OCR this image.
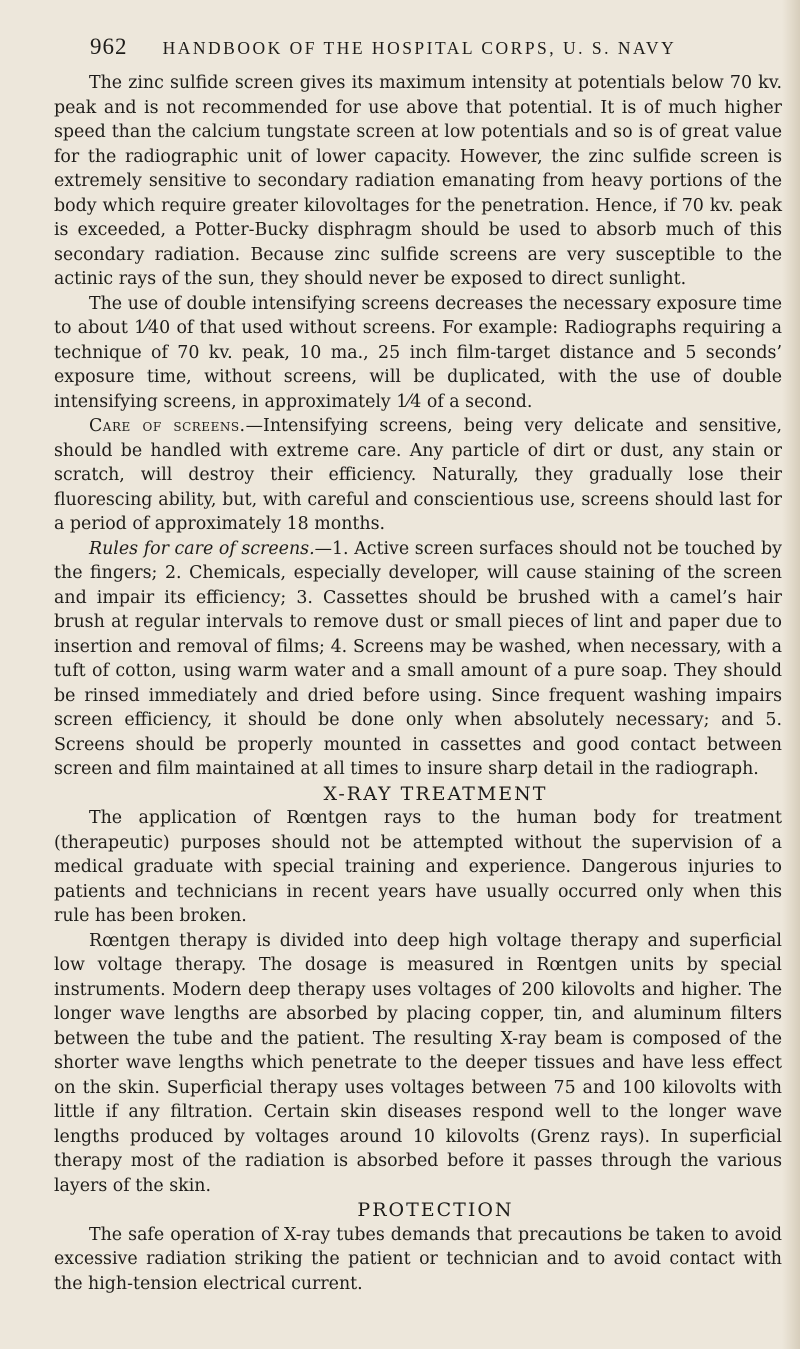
962 HANDBOOK OF THE HOSPITAL CORPS, U. S. NAVY

The zinc sulfide screen gives its maximum intensity at potentials below 70 kv. peak and is not recommended for use above that potential. It is of much higher speed than the calcium tungstate screen at low potentials and so is of great value for the radiographic unit of lower capacity. However, the zinc sulfide screen is extremely sensitive to secondary radiation emanating from heavy portions of the body which require greater kilovoltages for the penetration. Hence, if 70 kv. peak is exceeded, a Potter-Bucky disphragm should be used to absorb much of this secondary radiation. Because zinc sulfide screens are very susceptible to the actinic rays of the sun, they should never be exposed to direct sunlight.

The use of double intensifying screens decreases the necessary exposure time to about 1⁄40 of that used without screens. For example: Radiographs requiring a technique of 70 kv. peak, 10 ma., 25 inch film-target distance and 5 seconds’ exposure time, without screens, will be duplicated, with the use of double intensifying screens, in approximately 1⁄4 of a second.

Care of screens.—Intensifying screens, being very delicate and sensitive, should be handled with extreme care. Any particle of dirt or dust, any stain or scratch, will destroy their efficiency. Naturally, they gradually lose their fluorescing ability, but, with careful and conscientious use, screens should last for a period of approximately 18 months.

Rules for care of screens.—1. Active screen surfaces should not be touched by the fingers; 2. Chemicals, especially developer, will cause staining of the screen and impair its efficiency; 3. Cassettes should be brushed with a camel’s hair brush at regular intervals to remove dust or small pieces of lint and paper due to insertion and removal of films; 4. Screens may be washed, when necessary, with a tuft of cotton, using warm water and a small amount of a pure soap. They should be rinsed immediately and dried before using. Since frequent washing impairs screen efficiency, it should be done only when absolutely necessary; and 5. Screens should be properly mounted in cassettes and good contact between screen and film maintained at all times to insure sharp detail in the radiograph.

X-RAY TREATMENT

The application of Rœntgen rays to the human body for treatment (therapeutic) purposes should not be attempted without the supervision of a medical graduate with special training and experience. Dangerous injuries to patients and technicians in recent years have usually occurred only when this rule has been broken.

Rœntgen therapy is divided into deep high voltage therapy and superficial low voltage therapy. The dosage is measured in Rœntgen units by special instruments. Modern deep therapy uses voltages of 200 kilovolts and higher. The longer wave lengths are absorbed by placing copper, tin, and aluminum filters between the tube and the patient. The resulting X-ray beam is composed of the shorter wave lengths which penetrate to the deeper tissues and have less effect on the skin. Superficial therapy uses voltages between 75 and 100 kilovolts with little if any filtration. Certain skin diseases respond well to the longer wave lengths produced by voltages around 10 kilovolts (Grenz rays). In superficial therapy most of the radiation is absorbed before it passes through the various layers of the skin.

PROTECTION

The safe operation of X-ray tubes demands that precautions be taken to avoid excessive radiation striking the patient or technician and to avoid contact with the high-tension electrical current.
